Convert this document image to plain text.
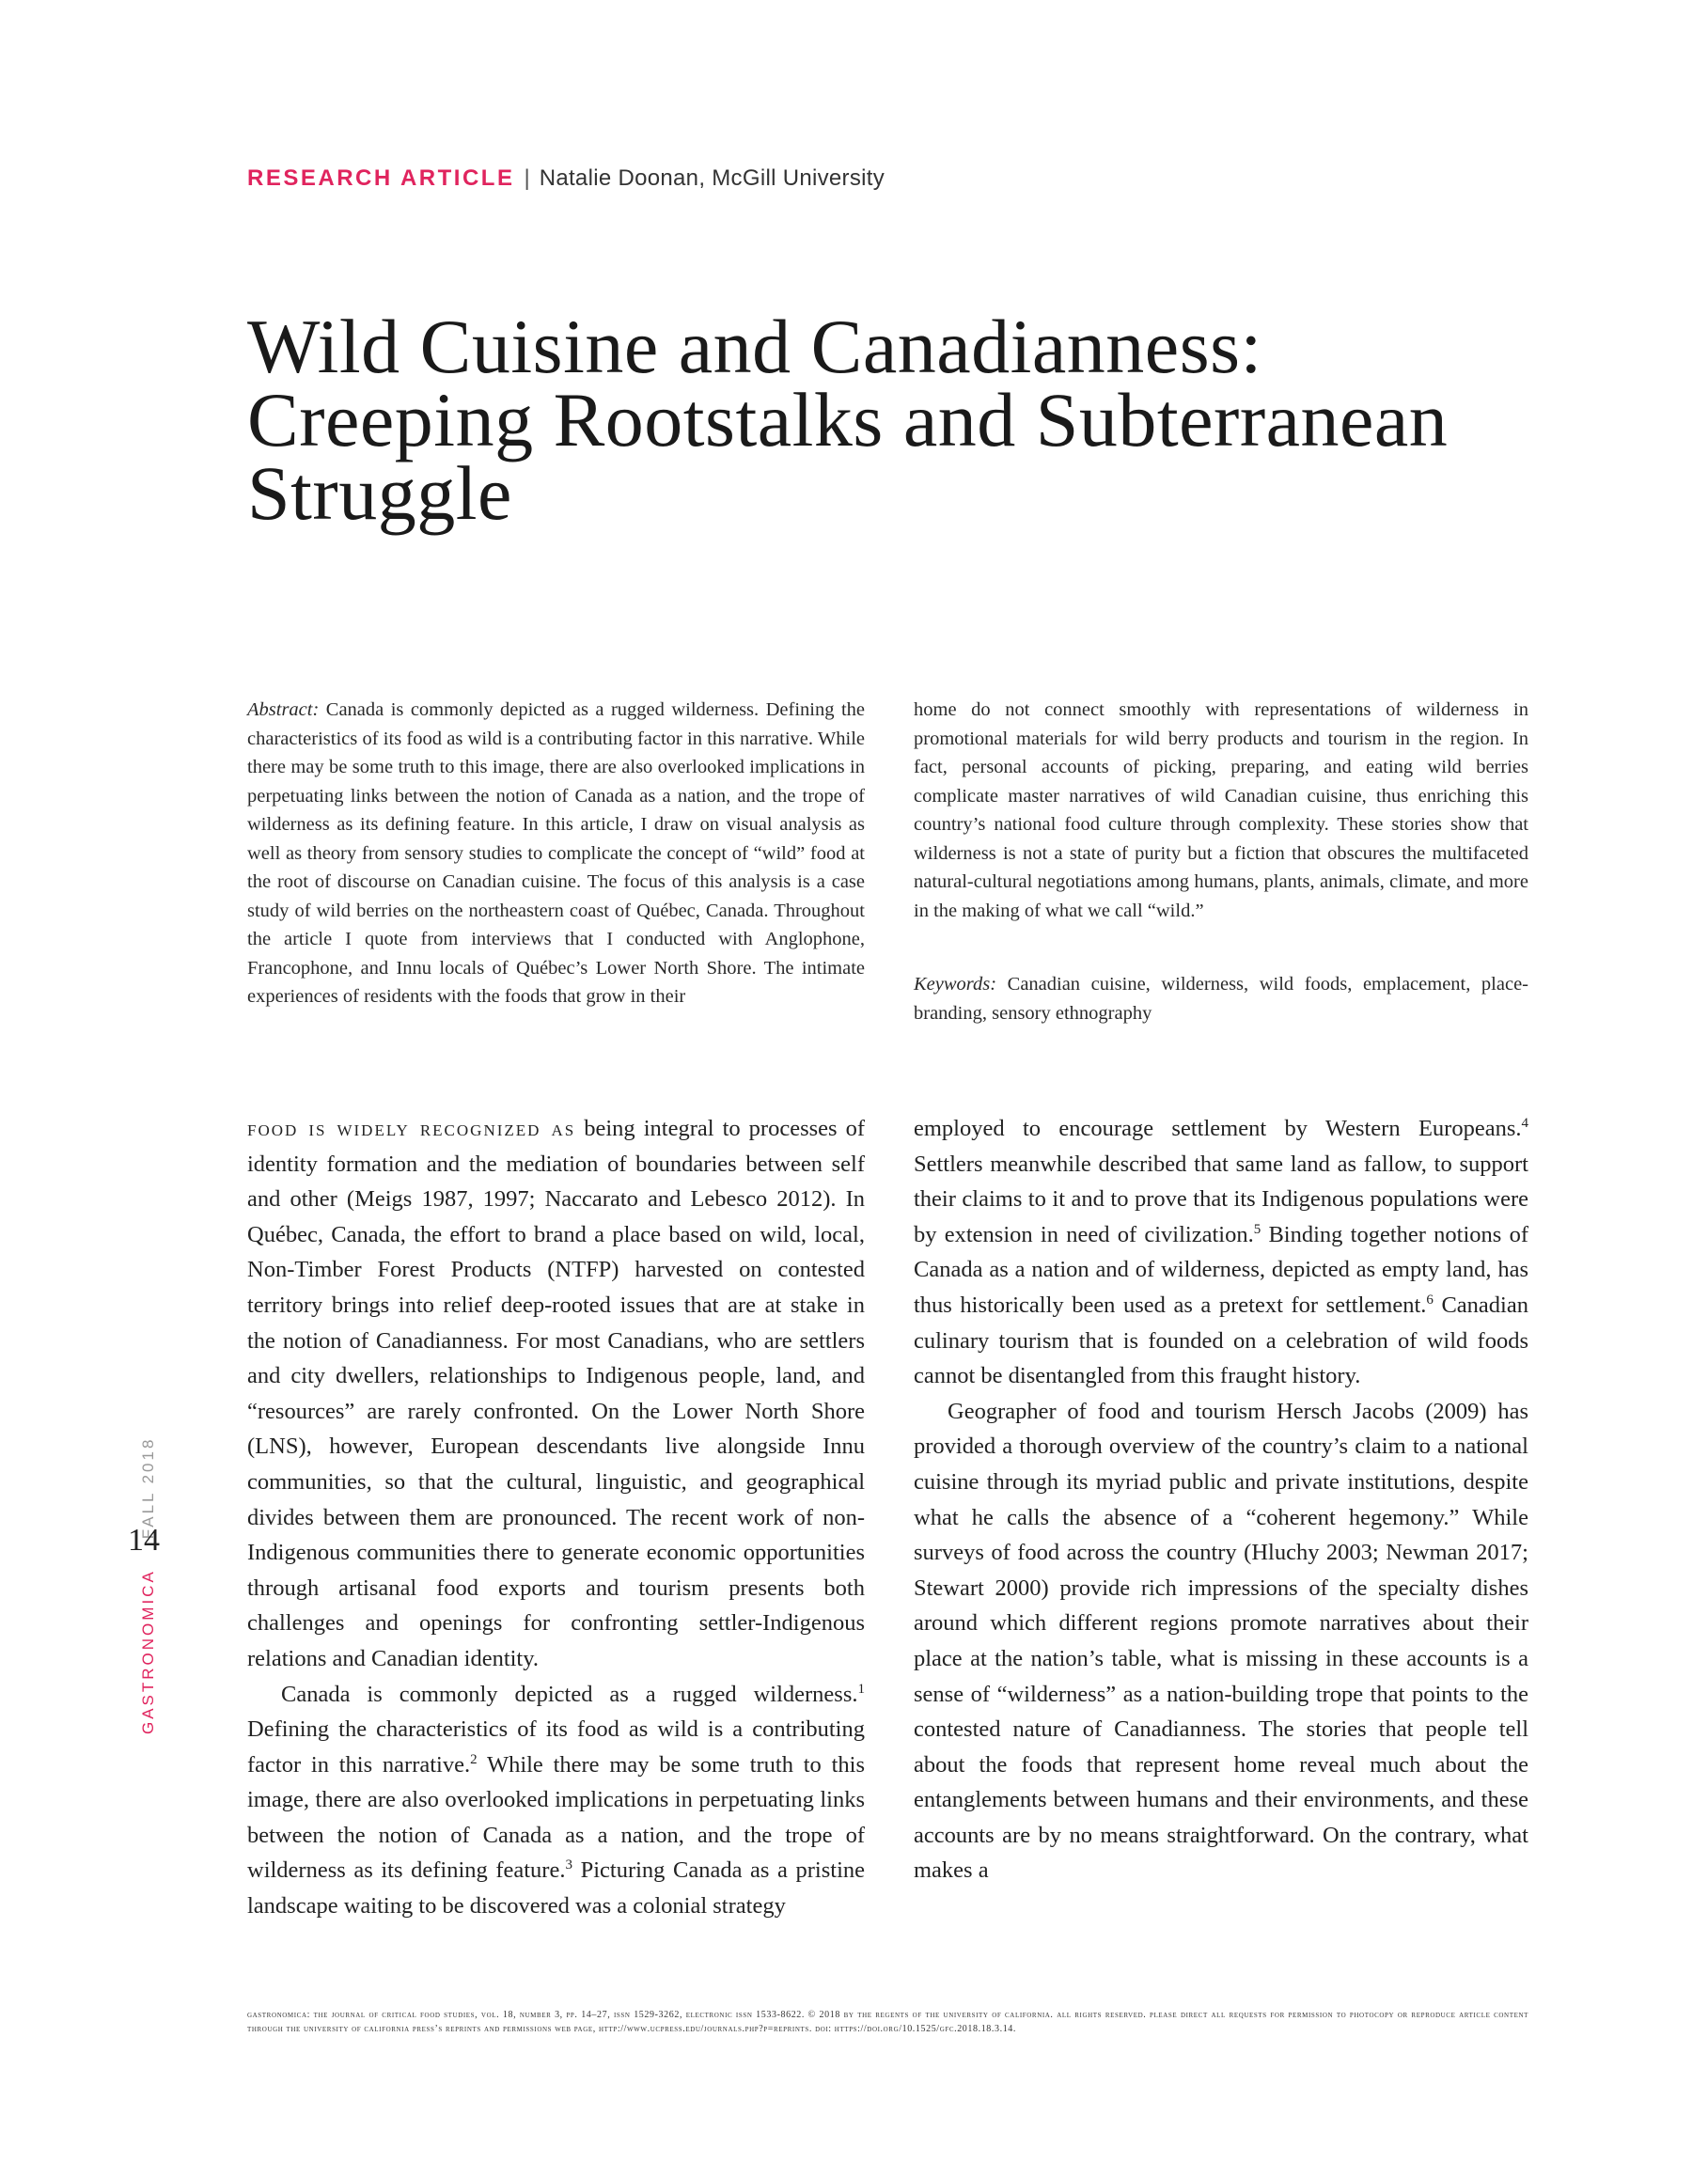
RESEARCH ARTICLE | Natalie Doonan, McGill University
Wild Cuisine and Canadianness:
Creeping Rootstalks and Subterranean
Struggle

Abstract: Canada is commonly depicted as a rugged wilderness. Defining the characteristics of its food as wild is a contributing factor in this narrative. While there may be some truth to this image, there are also overlooked implications in perpetuating links between the notion of Canada as a nation, and the trope of wilderness as its defining feature. In this article, I draw on visual analysis as well as theory from sensory studies to complicate the concept of “wild” food at the root of discourse on Canadian cuisine. The focus of this analysis is a case study of wild berries on the northeastern coast of Québec, Canada. Throughout the article I quote from interviews that I conducted with Anglophone, Francophone, and Innu locals of Québec’s Lower North Shore. The intimate experiences of residents with the foods that grow in their

home do not connect smoothly with representations of wilderness in promotional materials for wild berry products and tourism in the region. In fact, personal accounts of picking, preparing, and eating wild berries complicate master narratives of wild Canadian cuisine, thus enriching this country’s national food culture through complexity. These stories show that wilderness is not a state of purity but a fiction that obscures the multifaceted natural-cultural negotiations among humans, plants, animals, climate, and more in the making of what we call “wild.”

Keywords: Canadian cuisine, wilderness, wild foods, emplacement, place-branding, sensory ethnography

food is widely recognized as being integral to processes of identity formation and the mediation of boundaries between self and other (Meigs 1987, 1997; Naccarato and Lebesco 2012). In Québec, Canada, the effort to brand a place based on wild, local, Non-Timber Forest Products (NTFP) harvested on contested territory brings into relief deep-rooted issues that are at stake in the notion of Canadianness. For most Canadians, who are settlers and city dwellers, relationships to Indigenous people, land, and “resources” are rarely confronted. On the Lower North Shore (LNS), however, European descendants live alongside Innu communities, so that the cultural, linguistic, and geographical divides between them are pronounced. The recent work of non-Indigenous communities there to generate economic opportunities through artisanal food exports and tourism presents both challenges and openings for confronting settler-Indigenous relations and Canadian identity.

Canada is commonly depicted as a rugged wilderness.$^1$ Defining the characteristics of its food as wild is a contributing factor in this narrative.$^2$ While there may be some truth to this image, there are also overlooked implications in perpetuating links between the notion of Canada as a nation, and the trope of wilderness as its defining feature.$^3$ Picturing Canada as a pristine landscape waiting to be discovered was a colonial strategy

employed to encourage settlement by Western Europeans.$^4$ Settlers meanwhile described that same land as fallow, to support their claims to it and to prove that its Indigenous populations were by extension in need of civilization.$^5$ Binding together notions of Canada as a nation and of wilderness, depicted as empty land, has thus historically been used as a pretext for settlement.$^6$ Canadian culinary tourism that is founded on a celebration of wild foods cannot be disentangled from this fraught history.

Geographer of food and tourism Hersch Jacobs (2009) has provided a thorough overview of the country’s claim to a national cuisine through its myriad public and private institutions, despite what he calls the absence of a “coherent hegemony.” While surveys of food across the country (Hluchy 2003; Newman 2017; Stewart 2000) provide rich impressions of the specialty dishes around which different regions promote narratives about their place at the nation’s table, what is missing in these accounts is a sense of “wilderness” as a nation-building trope that points to the contested nature of Canadianness. The stories that people tell about the foods that represent home reveal much about the entanglements between humans and their environments, and these accounts are by no means straightforward. On the contrary, what makes a

GASTRONOMICAFALL 2018
14
gastronomica: the journal of critical food studies, vol. 18, number 3, pp. 14–27, issn 1529-3262, electronic issn 1533-8622. © 2018 by the regents of the university of california. all rights reserved. please direct all requests for permission to photocopy or reproduce article content through the university of california press’s reprints and permissions web page, http://www.ucpress.edu/journals.php?p=reprints. doi: https://doi.org/10.1525/gfc.2018.18.3.14.
